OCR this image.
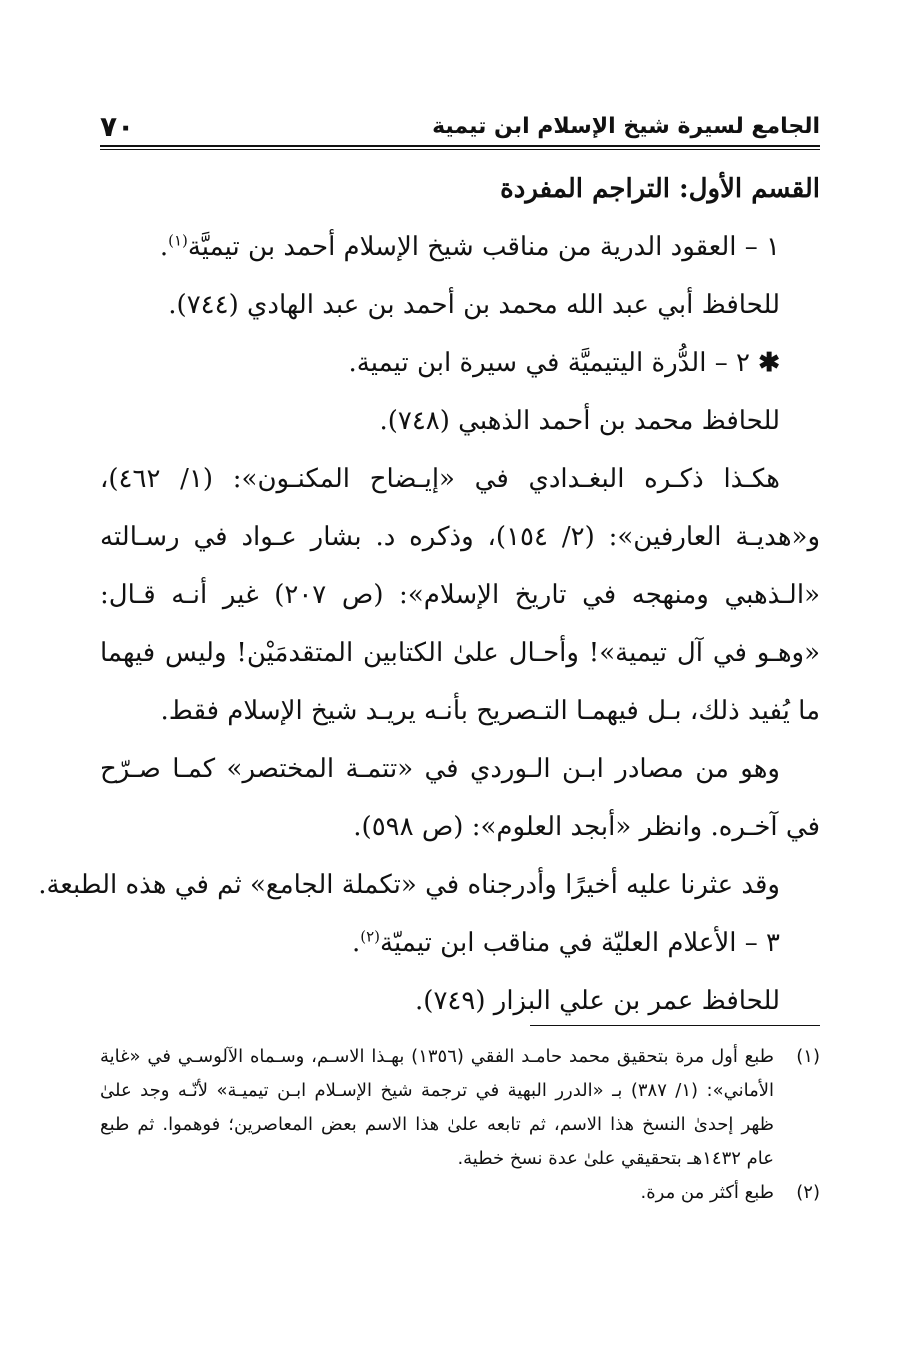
الجامع لسيرة شيخ الإسلام ابن تيمية
٧٠

القسم الأول: التراجم المفردة

١ – العقود الدرية من مناقب شيخ الإسلام أحمد بن تيميَّة$^{(١)}$.

للحافظ أبي عبد الله محمد بن أحمد بن عبد الهادي (٧٤٤).

✱ ٢ – الدُّرة اليتيميَّة في سيرة ابن تيمية.

للحافظ محمد بن أحمد الذهبي (٧٤٨).

هكـذا ذكـره البغـدادي في «إيـضاح المكنـون»: (١/ ٤٦٢)، و«هديـة العارفين»: (٢/ ١٥٤)، وذكره د. بشار عـواد في رسـالته «الـذهبي ومنهجه في تاريخ الإسلام»: (ص ٢٠٧) غير أنـه قـال: «وهـو في آل تيمية»! وأحـال علىٰ الكتابين المتقدمَيْن! وليس فيهما ما يُفيد ذلك، بـل فيهمـا التـصريح بأنـه يريـد شيخ الإسلام فقط.

وهو من مصادر ابـن الـوردي في «تتمـة المختصر» كمـا صـرّح في آخـره. وانظر «أبجد العلوم»: (ص ٥٩٨).

وقد عثرنا عليه أخيرًا وأدرجناه في «تكملة الجامع» ثم في هذه الطبعة.

٣ – الأعلام العليّة في مناقب ابن تيميّة$^{(٢)}$.

للحافظ عمر بن علي البزار (٧٤٩).

(١)
طبع أول مرة بتحقيق محمد حامـد الفقي (١٣٥٦) بهـذا الاسـم، وسـماه الآلوسـي في «غاية الأماني»: (١/ ٣٨٧) بـ «الدرر البهية في ترجمة شيخ الإسـلام ابـن تيميـة» لأنّـه وجد علىٰ ظهر إحدىٰ النسخ هذا الاسم، ثم تابعه علىٰ هذا الاسم بعض المعاصرين؛ فوهموا. ثم طبع عام ١٤٣٢هـ بتحقيقي علىٰ عدة نسخ خطية.
(٢)
طبع أكثر من مرة.
